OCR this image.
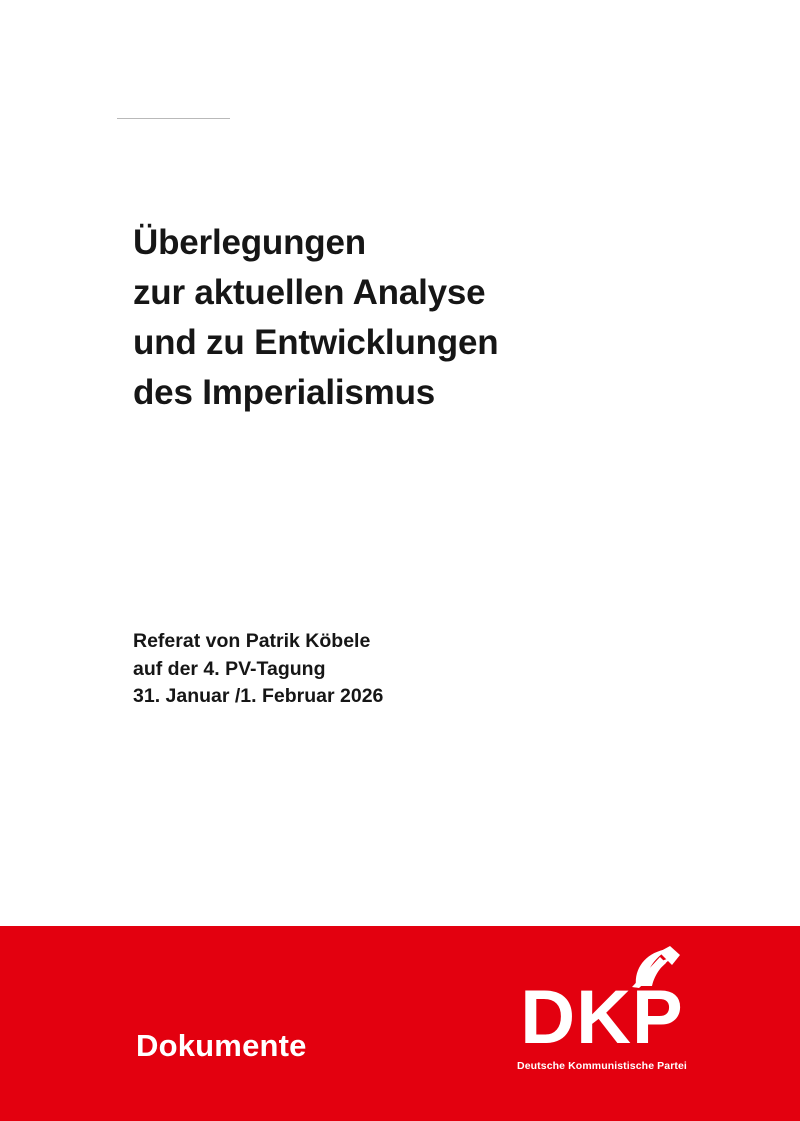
Überlegungen
zur aktuellen Analyse
und zu Entwicklungen
des Imperialismus
Referat von Patrik Köbele
auf der 4. PV-Tagung
31. Januar /1. Februar 2026
Dokumente	DKP
Deutsche Kommunistische Partei
